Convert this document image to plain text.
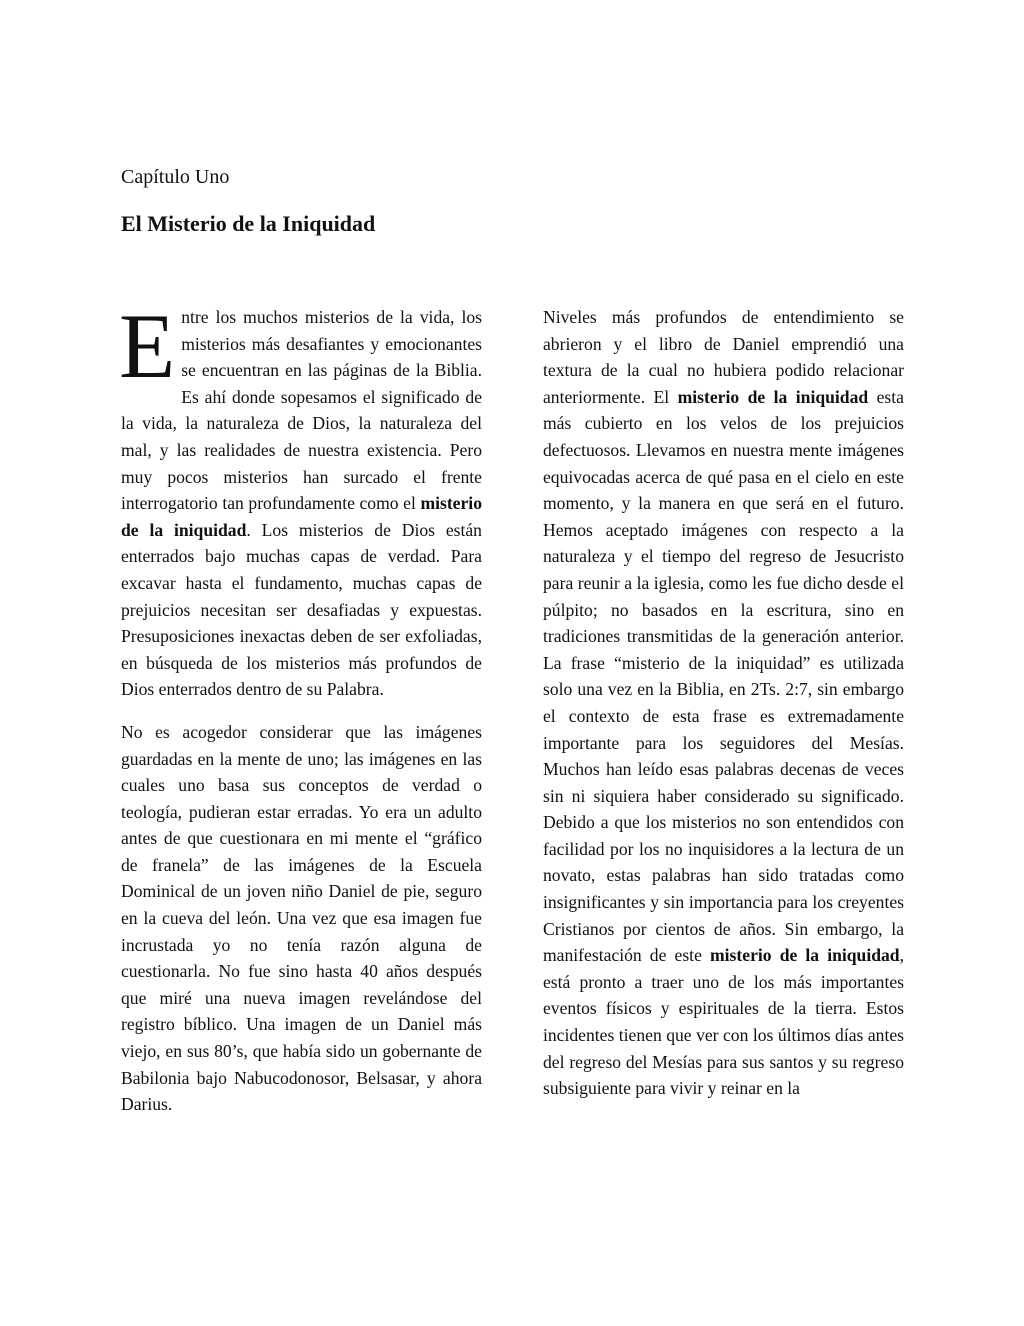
Capítulo Uno
El Misterio de la Iniquidad

Entre los muchos misterios de la vida, los misterios más desafiantes y emocionantes se encuentran en las páginas de la Biblia. Es ahí donde sopesamos el significado de la vida, la naturaleza de Dios, la naturaleza del mal, y las realidades de nuestra existencia. Pero muy pocos misterios han surcado el frente interrogatorio tan profundamente como el misterio de la iniquidad. Los misterios de Dios están enterrados bajo muchas capas de verdad. Para excavar hasta el fundamento, muchas capas de prejuicios necesitan ser desafiadas y expuestas. Presuposiciones inexactas deben de ser exfoliadas, en búsqueda de los misterios más profundos de Dios enterrados dentro de su Palabra.

No es acogedor considerar que las imágenes guardadas en la mente de uno; las imágenes en las cuales uno basa sus conceptos de verdad o teología, pudieran estar erradas. Yo era un adulto antes de que cuestionara en mi mente el “gráfico de franela” de las imágenes de la Escuela Dominical de un joven niño Daniel de pie, seguro en la cueva del león. Una vez que esa imagen fue incrustada yo no tenía razón alguna de cuestionarla. No fue sino hasta 40 años después que miré una nueva imagen revelándose del registro bíblico. Una imagen de un Daniel más viejo, en sus 80’s, que había sido un gobernante de Babilonia bajo Nabucodonosor, Belsasar, y ahora Darius.

Niveles más profundos de entendimiento se abrieron y el libro de Daniel emprendió una textura de la cual no hubiera podido relacionar anteriormente. El misterio de la iniquidad esta más cubierto en los velos de los prejuicios defectuosos. Llevamos en nuestra mente imágenes equivocadas acerca de qué pasa en el cielo en este momento, y la manera en que será en el futuro. Hemos aceptado imágenes con respecto a la naturaleza y el tiempo del regreso de Jesucristo para reunir a la iglesia, como les fue dicho desde el púlpito; no basados en la escritura, sino en tradiciones transmitidas de la generación anterior. La frase “misterio de la iniquidad” es utilizada solo una vez en la Biblia, en 2Ts. 2:7, sin embargo el contexto de esta frase es extremadamente importante para los seguidores del Mesías. Muchos han leído esas palabras decenas de veces sin ni siquiera haber considerado su significado. Debido a que los misterios no son entendidos con facilidad por los no inquisidores a la lectura de un novato, estas palabras han sido tratadas como insignificantes y sin importancia para los creyentes Cristianos por cientos de años. Sin embargo, la manifestación de este misterio de la iniquidad, está pronto a traer uno de los más importantes eventos físicos y espirituales de la tierra. Estos incidentes tienen que ver con los últimos días antes del regreso del Mesías para sus santos y su regreso subsiguiente para vivir y reinar en la
